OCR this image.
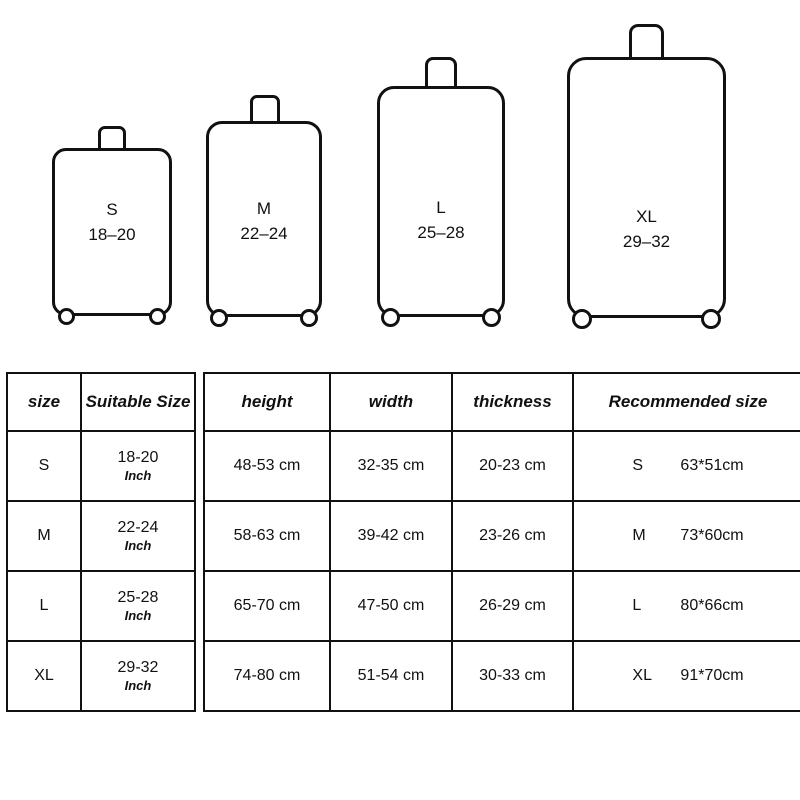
S
18‒20
M
22‒24
L
25‒28
XL
29‒32
size	Suitable Size
S	18-20
Inch

M	22-24
Inch

L	25-28
Inch

XL	29-32
Inch
height	width	thickness	Recommended size
48-53 cm	32-35 cm	20-23 cm	S 63*51cm

58-63 cm	39-42 cm	23-26 cm	M 73*60cm

65-70 cm	47-50 cm	26-29 cm	L 80*66cm

74-80 cm	51-54 cm	30-33 cm	XL 91*70cm
